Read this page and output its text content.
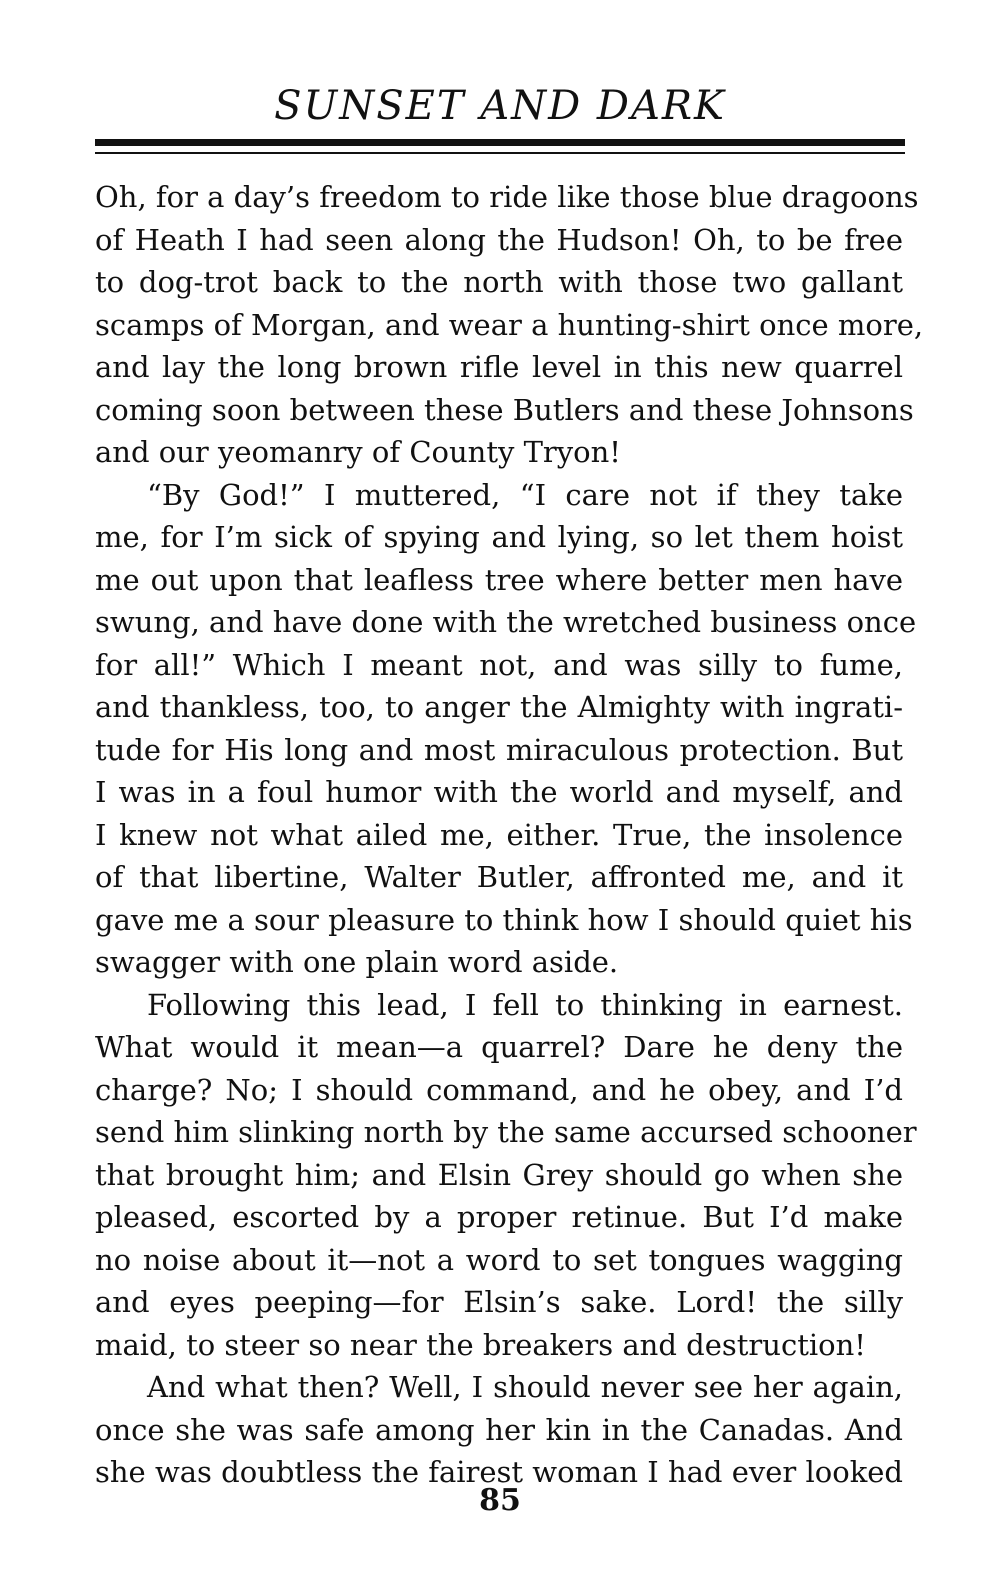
SUNSET AND DARK
Oh, for a day’s freedom to ride like those blue dragoons
of Heath I had seen along the Hudson! Oh, to be free
to dog-trot back to the north with those two gallant
scamps of Morgan, and wear a hunting-shirt once more,
and lay the long brown rifle level in this new quarrel
coming soon between these Butlers and these Johnsons
and our yeomanry of County Tryon!
“By God!” I muttered, “I care not if they take
me, for I’m sick of spying and lying, so let them hoist
me out upon that leafless tree where better men have
swung, and have done with the wretched business once
for all!” Which I meant not, and was silly to fume,
and thankless, too, to anger the Almighty with ingrati-
tude for His long and most miraculous protection. But
I was in a foul humor with the world and myself, and
I knew not what ailed me, either. True, the insolence
of that libertine, Walter Butler, affronted me, and it
gave me a sour pleasure to think how I should quiet his
swagger with one plain word aside.
Following this lead, I fell to thinking in earnest.
What would it mean—a quarrel? Dare he deny the
charge? No; I should command, and he obey, and I’d
send him slinking north by the same accursed schooner
that brought him; and Elsin Grey should go when she
pleased, escorted by a proper retinue. But I’d make
no noise about it—not a word to set tongues wagging
and eyes peeping—for Elsin’s sake. Lord! the silly
maid, to steer so near the breakers and destruction!
And what then? Well, I should never see her again,
once she was safe among her kin in the Canadas. And
she was doubtless the fairest woman I had ever looked
85
